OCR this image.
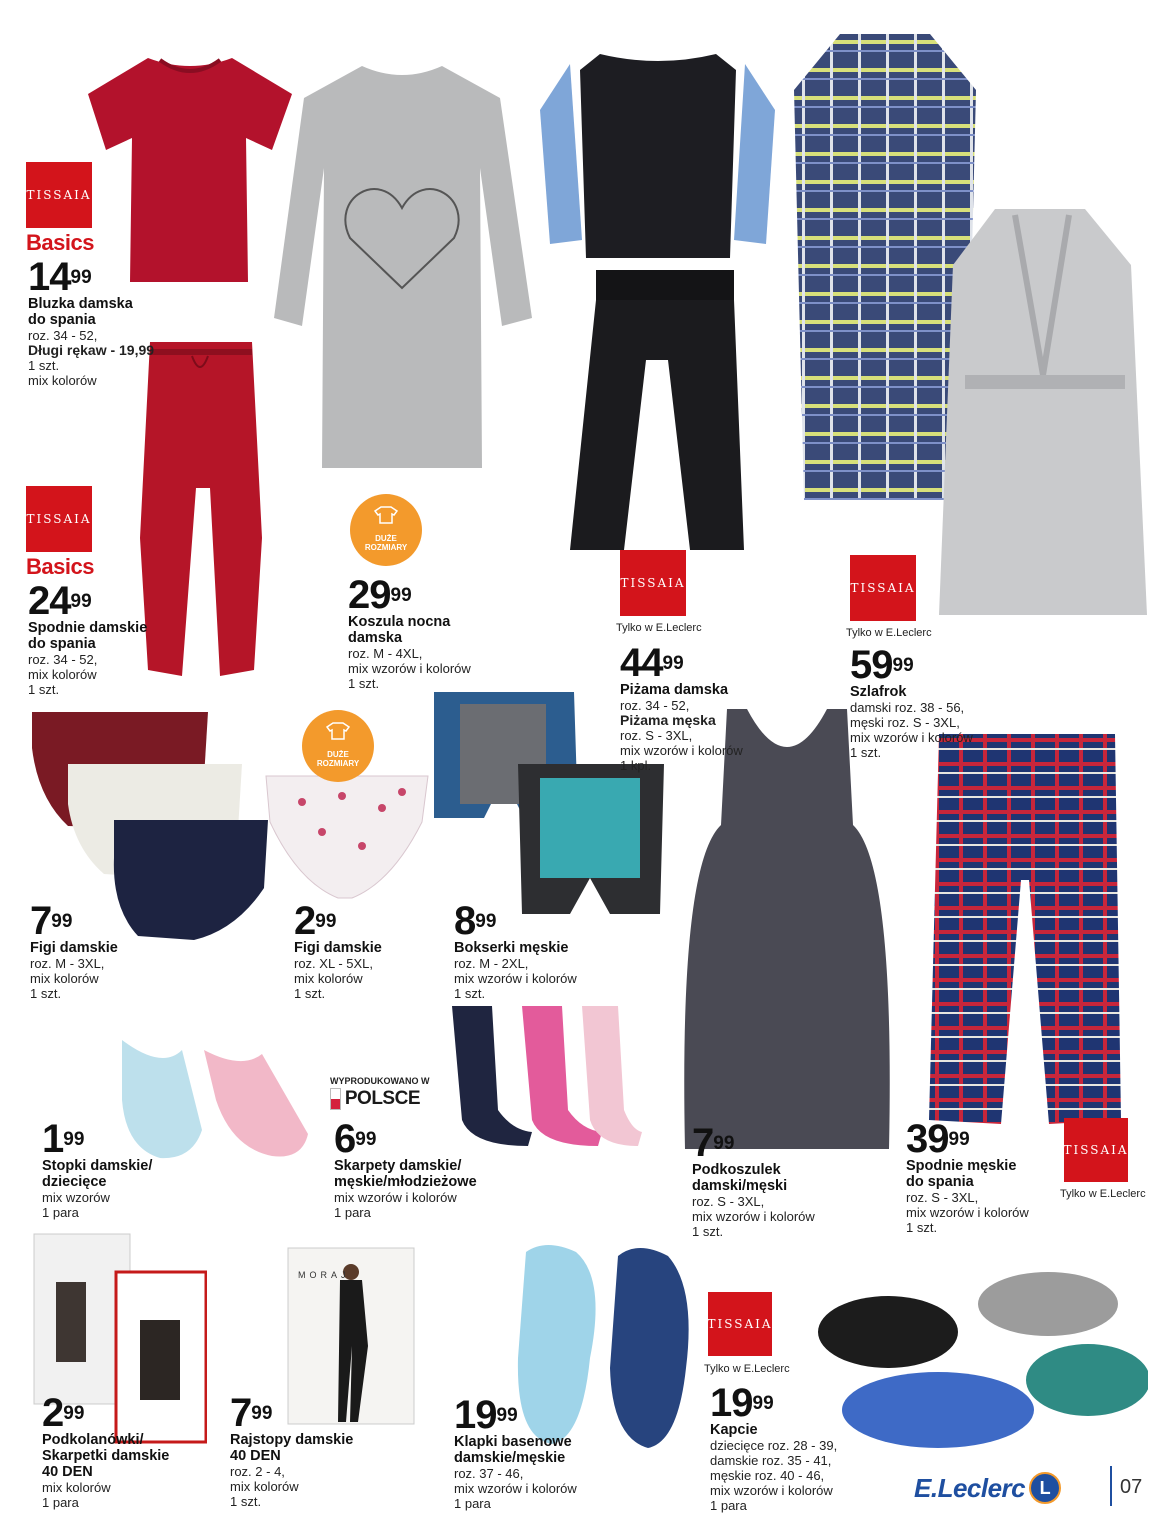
TISSAIA
Basics
TISSAIA
Basics
TISSAIA
Tylko w E.Leclerc
TISSAIA
Tylko w E.Leclerc
TISSAIA
Tylko w E.Leclerc
TISSAIA
Tylko w E.Leclerc
DUŻE
ROZMIARY
DUŻE
ROZMIARY
WYPRODUKOWANO W
POLSCE
MORAJ
$14^{99}$
Bluzka damska
do spania
roz. 34 - 52,
Długi rękaw - 19,99
1 szt.
mix kolorów
$24^{99}$
Spodnie damskie
do spania
roz. 34 - 52,
mix kolorów
1 szt.
$29^{99}$
Koszula nocna
damska
roz. M - 4XL,
mix wzorów i kolorów
1 szt.	$44^{99}$
Piżama damska
roz. 34 - 52,
Piżama męska
roz. S - 3XL,
mix wzorów i kolorów
1 kpl.
$59^{99}$
Szlafrok
damski roz. 38 - 56,
męski roz. S - 3XL,
mix wzorów i kolorów
1 szt.
$7^{99}$
Figi damskie
roz. M - 3XL,
mix kolorów
1 szt.
$2^{99}$
Figi damskie
roz. XL - 5XL,
mix kolorów
1 szt.
$8^{99}$
Bokserki męskie
roz. M - 2XL,
mix wzorów i kolorów
1 szt.
$1^{99}$
Stopki damskie/
dziecięce
mix wzorów
1 para
$6^{99}$
Skarpety damskie/
męskie/młodzieżowe
mix wzorów i kolorów
1 para
$7^{99}$
Podkoszulek
damski/męski
roz. S - 3XL,
mix wzorów i kolorów
1 szt.
$39^{99}$
Spodnie męskie
do spania
roz. S - 3XL,
mix wzorów i kolorów
1 szt.
$2^{99}$
Podkolanówki/
Skarpetki damskie
40 DEN
mix kolorów
1 para
$7^{99}$
Rajstopy damskie
40 DEN
roz. 2 - 4,
mix kolorów
1 szt.
$19^{99}$
Klapki basenowe
damskie/męskie
roz. 37 - 46,
mix wzorów i kolorów
1 para
$19^{99}$
Kapcie
dziecięce roz. 28 - 39,
damskie roz. 35 - 41,
męskie roz. 40 - 46,
mix wzorów i kolorów
1 para
E.Leclerc L	07
